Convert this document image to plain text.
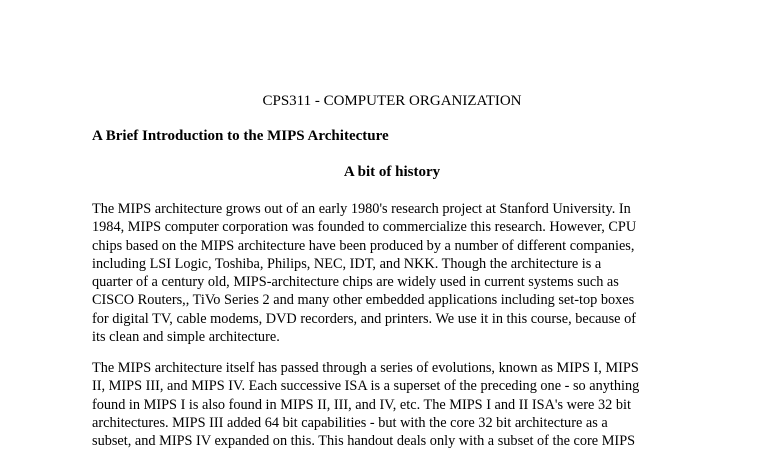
CPS311 - COMPUTER ORGANIZATION
A Brief Introduction to the MIPS Architecture
A bit of history
The MIPS architecture grows out of an early 1980's research project at Stanford University. In
1984, MIPS computer corporation was founded to commercialize this research. However, CPU
chips based on the MIPS architecture have been produced by a number of different companies,
including LSI Logic, Toshiba, Philips, NEC, IDT, and NKK. Though the architecture is a
quarter of a century old, MIPS-architecture chips are widely used in current systems such as
CISCO Routers,, TiVo Series 2 and many other embedded applications including set-top boxes
for digital TV, cable modems, DVD recorders, and printers. We use it in this course, because of
its clean and simple architecture.
The MIPS architecture itself has passed through a series of evolutions, known as MIPS I, MIPS
II, MIPS III, and MIPS IV. Each successive ISA is a superset of the preceding one - so anything
found in MIPS I is also found in MIPS II, III, and IV, etc. The MIPS I and II ISA's were 32 bit
architectures. MIPS III added 64 bit capabilities - but with the core 32 bit architecture as a
subset, and MIPS IV expanded on this. This handout deals only with a subset of the core MIPS
